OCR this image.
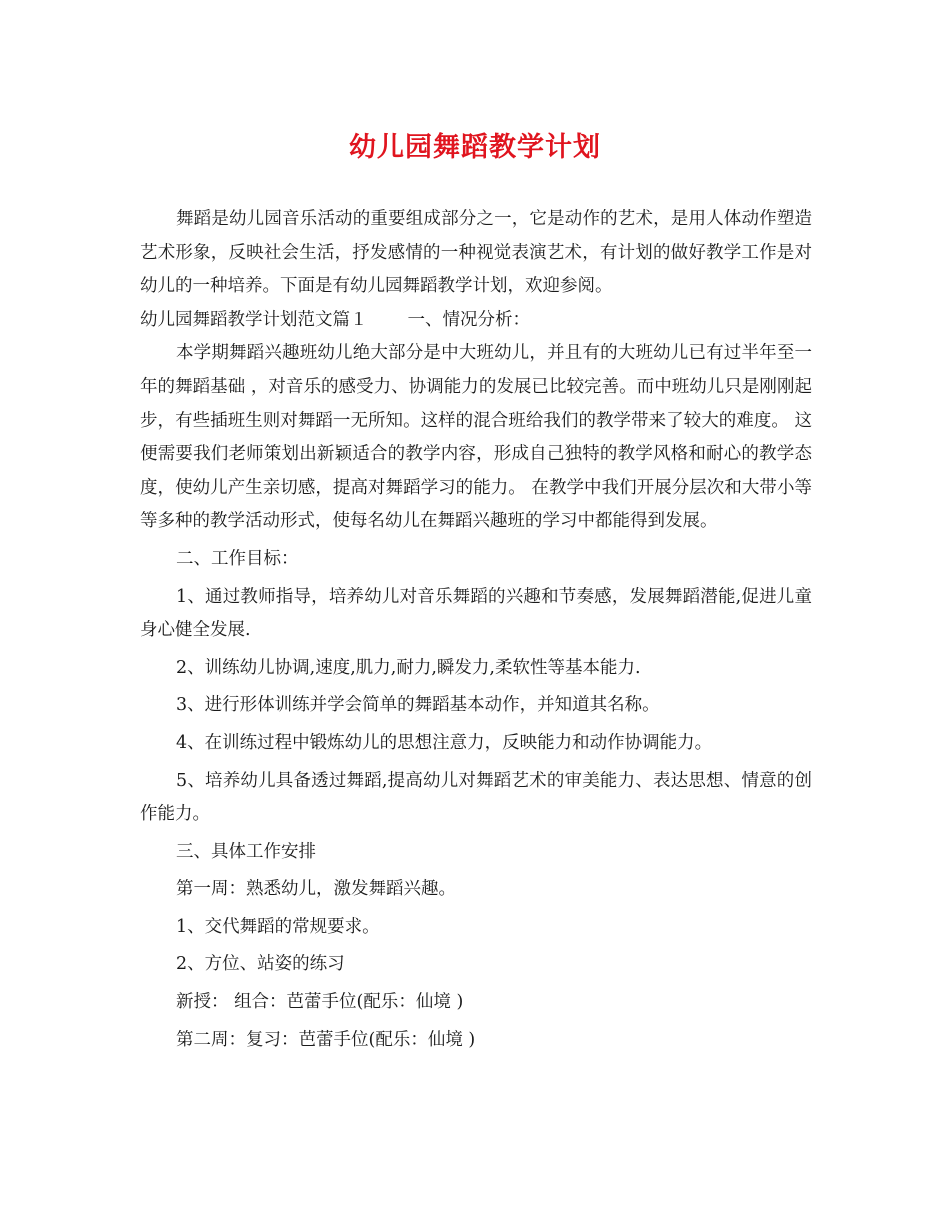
幼儿园舞蹈教学计划

舞蹈是幼儿园音乐活动的重要组成部分之一，它是动作的艺术，是用人体动作塑造艺术形象，反映社会生活，抒发感情的一种视觉表演艺术，有计划的做好教学工作是对幼儿的一种培养。下面是有幼儿园舞蹈教学计划，欢迎参阅。

幼儿园舞蹈教学计划范文篇１ 一、情况分析：

本学期舞蹈兴趣班幼儿绝大部分是中大班幼儿，并且有的大班幼儿已有过半年至一年的舞蹈基础 ，对音乐的感受力、协调能力的发展已比较完善。而中班幼儿只是刚刚起步，有些插班生则对舞蹈一无所知。这样的混合班给我们的教学带来了较大的难度。 这便需要我们老师策划出新颖适合的教学内容，形成自己独特的教学风格和耐心的教学态度，使幼儿产生亲切感，提高对舞蹈学习的能力。 在教学中我们开展分层次和大带小等等多种的教学活动形式，使每名幼儿在舞蹈兴趣班的学习中都能得到发展。

二、工作目标：

1、通过教师指导，培养幼儿对音乐舞蹈的兴趣和节奏感，发展舞蹈潜能,促进儿童身心健全发展.

2、训练幼儿协调,速度,肌力,耐力,瞬发力,柔软性等基本能力.

3、进行形体训练并学会简单的舞蹈基本动作，并知道其名称。

4、在训练过程中锻炼幼儿的思想注意力，反映能力和动作协调能力。

5、培养幼儿具备透过舞蹈,提高幼儿对舞蹈艺术的审美能力、表达思想、情意的创作能力。

三、具体工作安排

第一周：熟悉幼儿，激发舞蹈兴趣。

1、交代舞蹈的常规要求。

2、方位、站姿的练习

新授： 组合：芭蕾手位(配乐：仙境 )

第二周：复习：芭蕾手位(配乐：仙境 )
